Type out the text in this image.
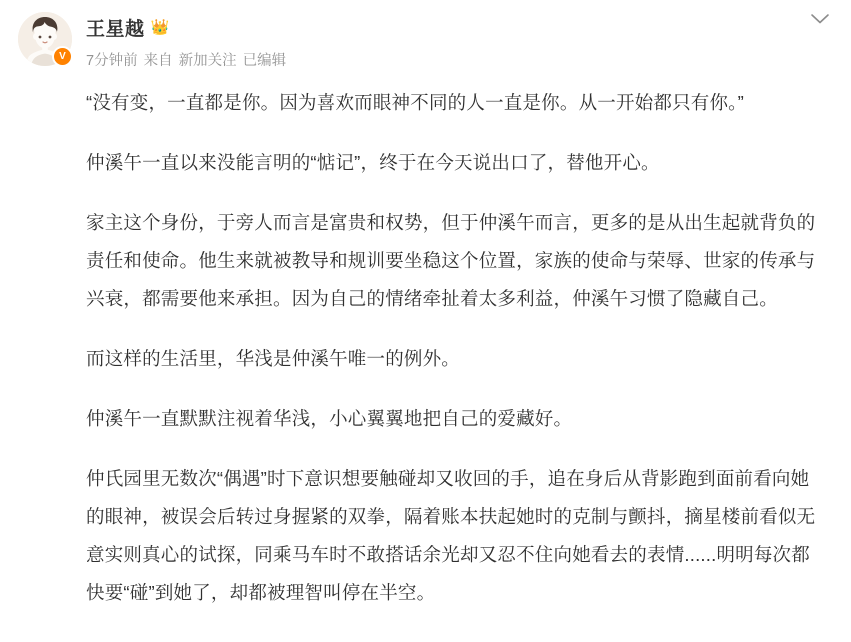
V
王星越 👑
7分钟前 来自 新加关注 已编辑

“没有变，一直都是你。因为喜欢而眼神不同的人一直是你。从一开始都只有你。”

仲溪午一直以来没能言明的“惦记”，终于在今天说出口了，替他开心。

家主这个身份，于旁人而言是富贵和权势，但于仲溪午而言，更多的是从出生起就背负的责任和使命。他生来就被教导和规训要坐稳这个位置，家族的使命与荣辱、世家的传承与兴衰，都需要他来承担。因为自己的情绪牵扯着太多利益，仲溪午习惯了隐藏自己。

而这样的生活里，华浅是仲溪午唯一的例外。

仲溪午一直默默注视着华浅，小心翼翼地把自己的爱藏好。

仲氏园里无数次“偶遇”时下意识想要触碰却又收回的手，追在身后从背影跑到面前看向她的眼神，被误会后转过身握紧的双拳，隔着账本扶起她时的克制与颤抖，摘星楼前看似无意实则真心的试探，同乘马车时不敢搭话余光却又忍不住向她看去的表情......明明每次都快要“碰”到她了，却都被理智叫停在半空。
